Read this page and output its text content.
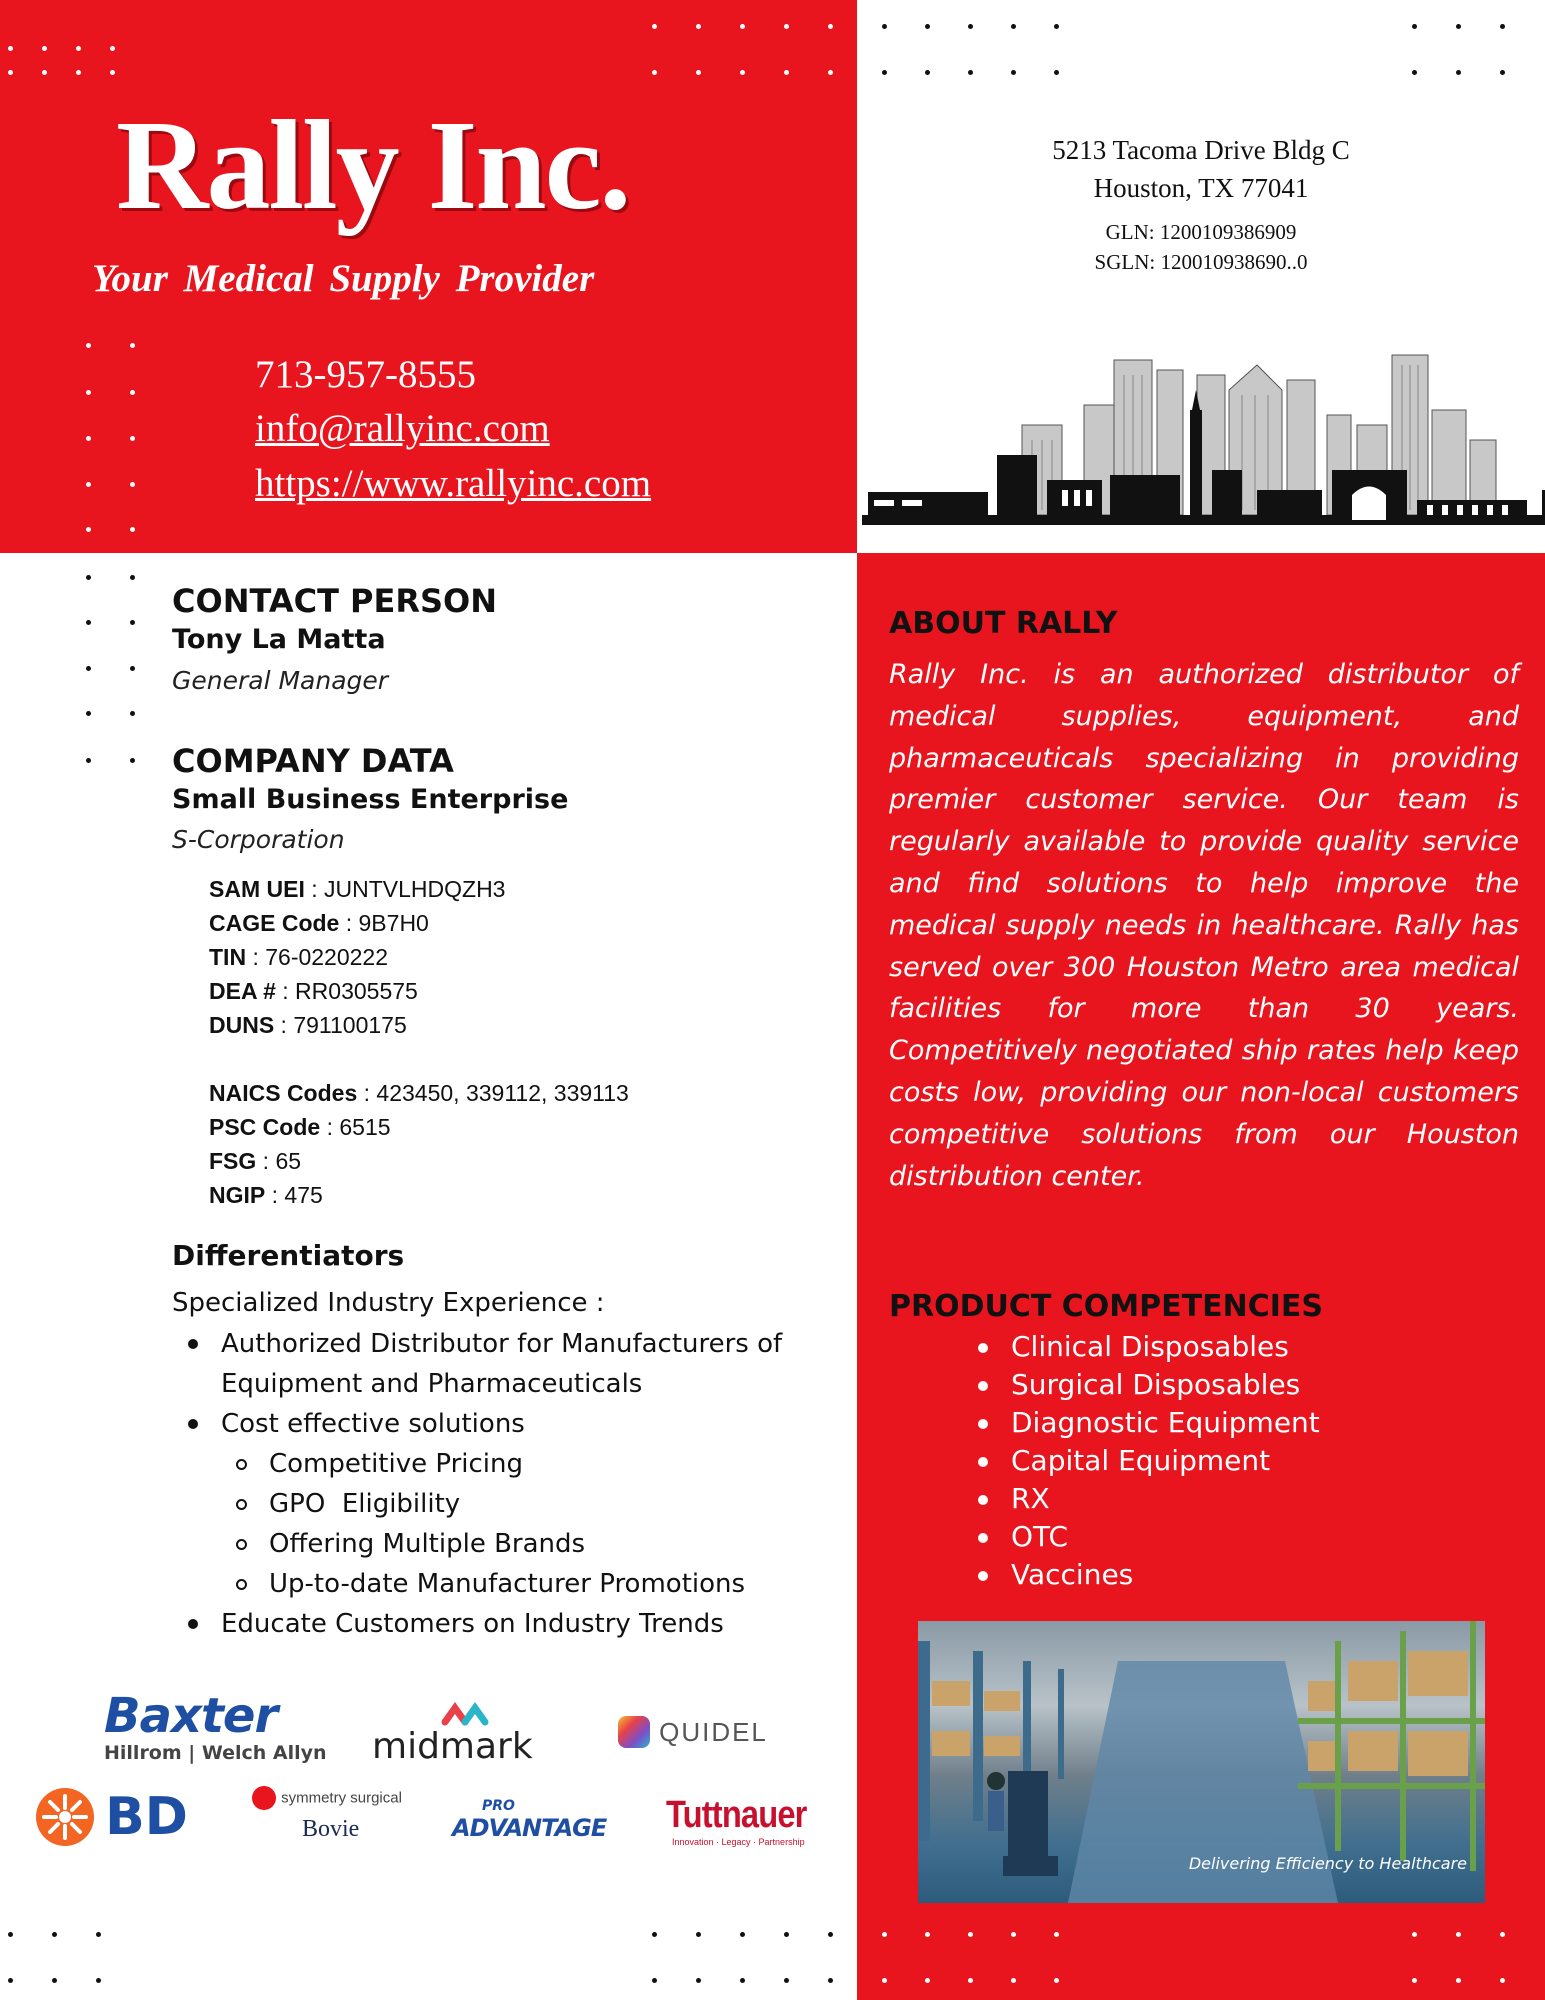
Rally Inc.
Your Medical Supply Provider
713-957-8555
info@rallyinc.com
https://www.rallyinc.com
5213 Tacoma Drive Bldg C
Houston, TX 77041
GLN: 1200109386909
SGLN: 120010938690..0
CONTACT PERSON
Tony La Matta
General Manager
COMPANY DATA
Small Business Enterprise
S-Corporation
SAM UEI : JUNTVLHDQZH3
CAGE Code : 9B7H0
TIN : 76-0220222
DEA # : RR0305575
DUNS : 791100175
NAICS Codes : 423450, 339112, 339113
PSC Code : 6515
FSG : 65
NGIP : 475
Differentiators
Specialized Industry Experience :
Authorized Distributor for Manufacturers of Equipment and Pharmaceuticals
Cost effective solutions
Competitive Pricing
GPO  Eligibility
Offering Multiple Brands
Up-to-date Manufacturer Promotions
Educate Customers on Industry Trends
Baxter
Hillrom | Welch Allyn midmark	QUIDEL
BD	symmetry surgical
Bovie
PRO
ADVANTAGE Tuttnauer
Innovation · Legacy · Partnership
ABOUT RALLY
Rally Inc. is an authorized distributor of medical supplies, equipment, and pharmaceuticals specializing in providing premier customer service. Our team is regularly available to provide quality service and find solutions to help improve the medical supply needs in healthcare. Rally has served over 300 Houston Metro area medical facilities for more than 30 years. Competitively negotiated ship rates help keep costs low, providing our non-local customers competitive solutions from our Houston distribution center.
PRODUCT COMPETENCIES
Clinical Disposables
Surgical Disposables
Diagnostic Equipment
Capital Equipment
RX
OTC
Vaccines
Delivering Efficiency to Healthcare
